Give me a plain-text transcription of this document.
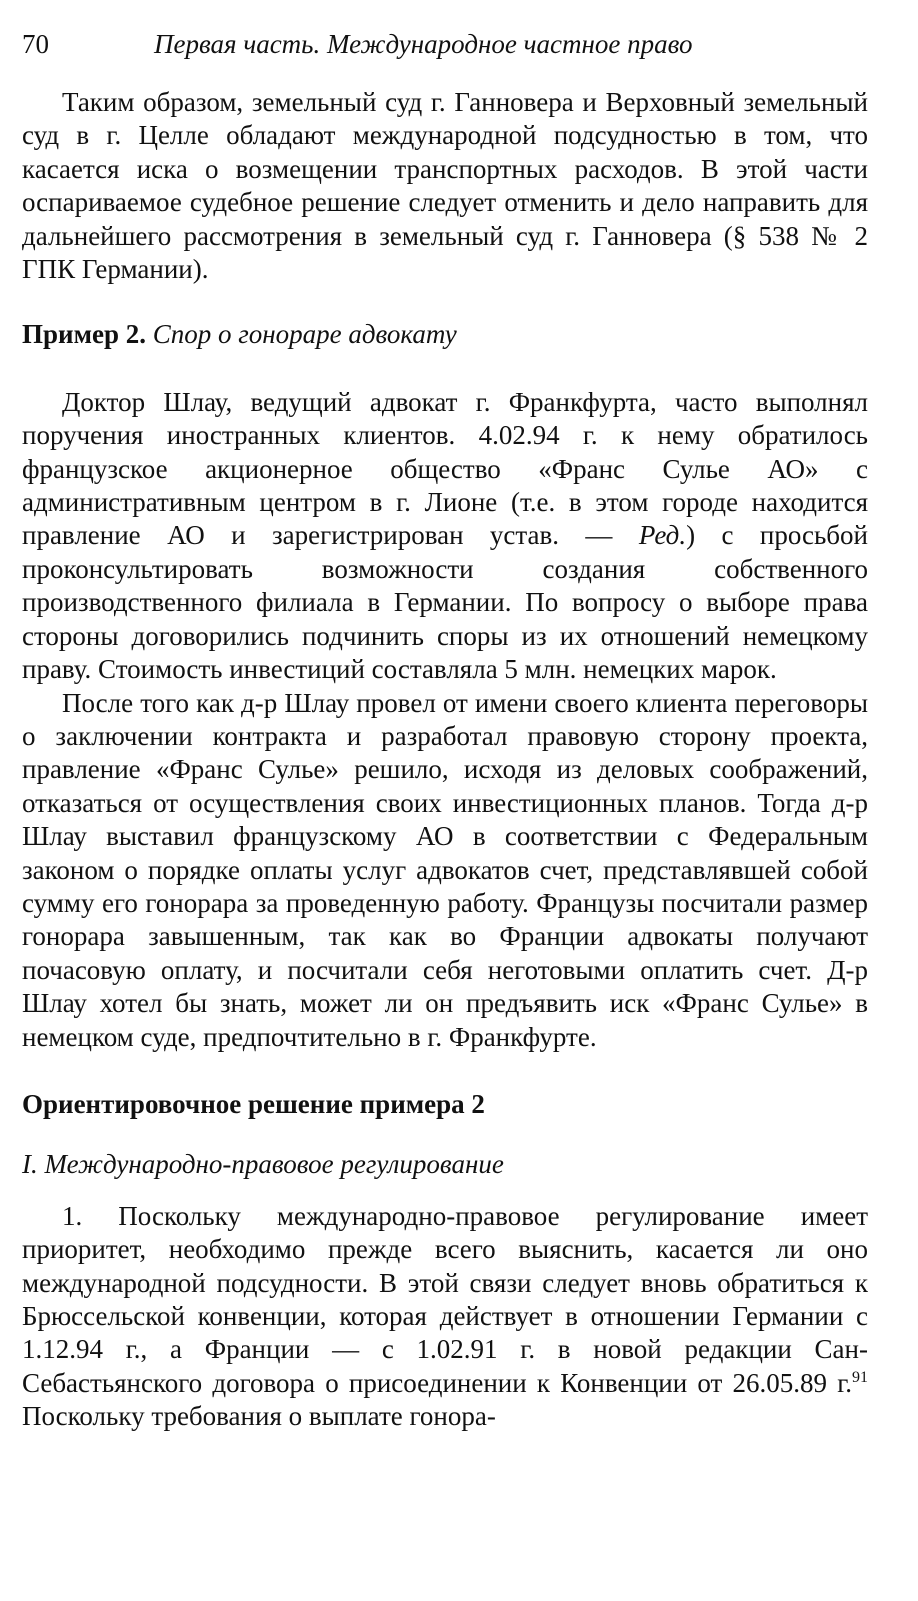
70	Первая часть. Международное частное право

Таким образом, земельный суд г. Ганновера и Верховный земельный суд в г. Целле обладают международной подсудностью в том, что касается иска о возмещении транспортных расходов. В этой части оспариваемое судебное решение следует отменить и дело направить для дальнейшего рассмотрения в земельный суд г. Ганновера (§ 538 № 2 ГПК Германии).

Пример 2. Спор о гонораре адвокату

Доктор Шлау, ведущий адвокат г. Франкфурта, часто выполнял поручения иностранных клиентов. 4.02.94 г. к нему обратилось французское акционерное общество «Франс Сулье АО» с административным центром в г. Лионе (т.е. в этом городе находится правление АО и зарегистрирован устав. — Ред.) с просьбой проконсультировать возможности создания собственного производственного филиала в Германии. По вопросу о выборе права стороны договорились подчинить споры из их отношений немецкому праву. Стоимость инвестиций составляла 5 млн. немецких марок.

После того как д-р Шлау провел от имени своего клиента переговоры о заключении контракта и разработал правовую сторону проекта, правление «Франс Сулье» решило, исходя из деловых соображений, отказаться от осуществления своих инвестиционных планов. Тогда д-р Шлау выставил французскому АО в соответствии с Федеральным законом о порядке оплаты услуг адвокатов счет, представлявшей собой сумму его гонорара за проведенную работу. Французы посчитали размер гонорара завышенным, так как во Франции адвокаты получают почасовую оплату, и посчитали себя неготовыми оплатить счет. Д-р Шлау хотел бы знать, может ли он предъявить иск «Франс Сулье» в немецком суде, предпочтительно в г. Франкфурте.

Ориентировочное решение примера 2

I. Международно-правовое регулирование

1. Поскольку международно-правовое регулирование имеет приоритет, необходимо прежде всего выяснить, касается ли оно международной подсудности. В этой связи следует вновь обратиться к Брюссельской конвенции, которая действует в отношении Германии с 1.12.94 г., а Франции — с 1.02.91 г. в новой редакции Сан-Себастьянского договора о присоединении к Конвенции от 26.05.89 г.$^{91}$ Поскольку требования о выплате гонора-
